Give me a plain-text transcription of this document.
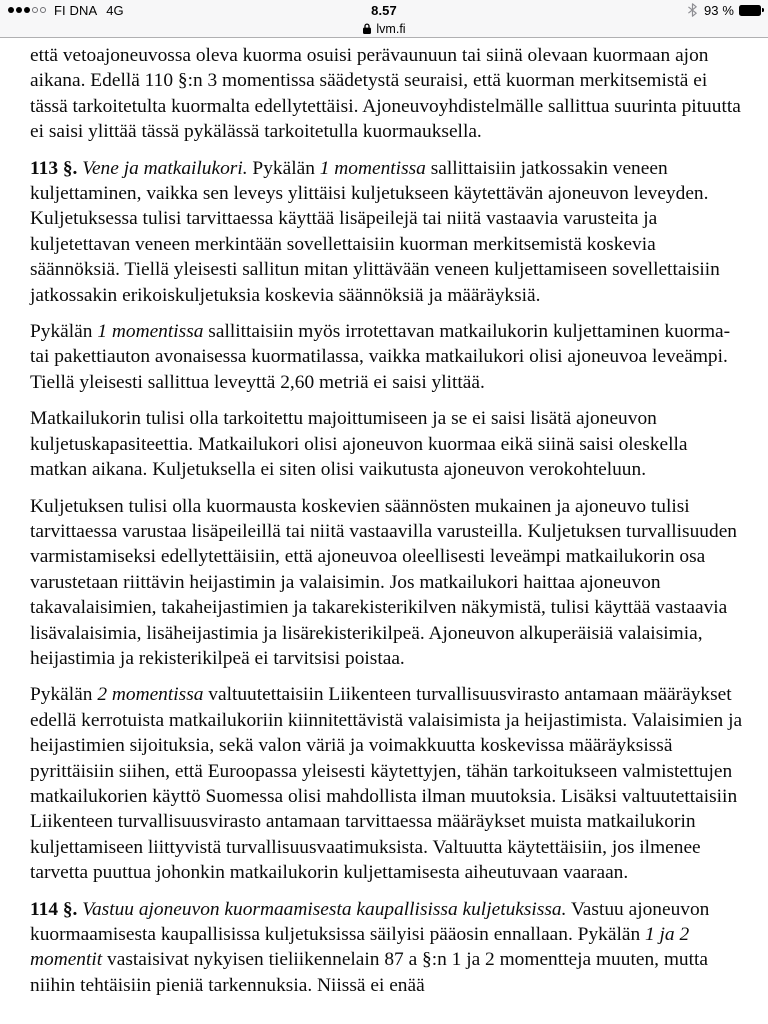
FI DNA 4G	8.57	93 %
lvm.fi

että vetoajoneuvossa oleva kuorma osuisi perävaunuun tai siinä olevaan kuormaan ajon aikana. Edellä 110 §:n 3 momentissa säädetystä seuraisi, että kuorman merkitsemistä ei tässä tarkoitetulta kuormalta edellytettäisi. Ajoneuvoyhdistelmälle sallittua suurinta pituutta ei saisi ylittää tässä pykälässä tarkoitetulla kuormauksella.

113 §. Vene ja matkailukori. Pykälän 1 momentissa sallittaisiin jatkossakin veneen kuljettaminen, vaikka sen leveys ylittäisi kuljetukseen käytettävän ajoneuvon leveyden. Kuljetuksessa tulisi tarvittaessa käyttää lisäpeilejä tai niitä vastaavia varusteita ja kuljetettavan veneen merkintään sovellettaisiin kuorman merkitsemistä koskevia säännöksiä. Tiellä yleisesti sallitun mitan ylittävään veneen kuljettamiseen sovellettaisiin jatkossakin erikoiskuljetuksia koskevia säännöksiä ja määräyksiä.

Pykälän 1 momentissa sallittaisiin myös irrotettavan matkailukorin kuljettaminen kuorma- tai pakettiauton avonaisessa kuormatilassa, vaikka matkailukori olisi ajoneuvoa leveämpi. Tiellä yleisesti sallittua leveyttä 2,60 metriä ei saisi ylittää.

Matkailukorin tulisi olla tarkoitettu majoittumiseen ja se ei saisi lisätä ajoneuvon kuljetuskapasiteettia. Matkailukori olisi ajoneuvon kuormaa eikä siinä saisi oleskella matkan aikana. Kuljetuksella ei siten olisi vaikutusta ajoneuvon verokohteluun.

Kuljetuksen tulisi olla kuormausta koskevien säännösten mukainen ja ajoneuvo tulisi tarvittaessa varustaa lisäpeileillä tai niitä vastaavilla varusteilla. Kuljetuksen turvallisuuden varmistamiseksi edellytettäisiin, että ajoneuvoa oleellisesti leveämpi matkailukorin osa varustetaan riittävin heijastimin ja valaisimin. Jos matkailukori haittaa ajoneuvon takavalaisimien, takaheijastimien ja takarekisterikilven näkymistä, tulisi käyttää vastaavia lisävalaisimia, lisäheijastimia ja lisärekisterikilpeä. Ajoneuvon alkuperäisiä valaisimia, heijastimia ja rekisterikilpeä ei tarvitsisi poistaa.

Pykälän 2 momentissa valtuutettaisiin Liikenteen turvallisuusvirasto antamaan määräykset edellä kerrotuista matkailukoriin kiinnitettävistä valaisimista ja heijastimista. Valaisimien ja heijastimien sijoituksia, sekä valon väriä ja voimakkuutta koskevissa määräyksissä pyrittäisiin siihen, että Euroopassa yleisesti käytettyjen, tähän tarkoitukseen valmistettujen matkailukorien käyttö Suomessa olisi mahdollista ilman muutoksia. Lisäksi valtuutettaisiin Liikenteen turvallisuusvirasto antamaan tarvittaessa määräykset muista matkailukorin kuljettamiseen liittyvistä turvallisuusvaatimuksista. Valtuutta käytettäisiin, jos ilmenee tarvetta puuttua johonkin matkailukorin kuljettamisesta aiheutuvaan vaaraan.

114 §. Vastuu ajoneuvon kuormaamisesta kaupallisissa kuljetuksissa. Vastuu ajoneuvon kuormaamisesta kaupallisissa kuljetuksissa säilyisi pääosin ennallaan. Pykälän 1 ja 2 momentit vastaisivat nykyisen tieliikennelain 87 a §:n 1 ja 2 momentteja muuten, mutta niihin tehtäisiin pieniä tarkennuksia. Niissä ei enää
